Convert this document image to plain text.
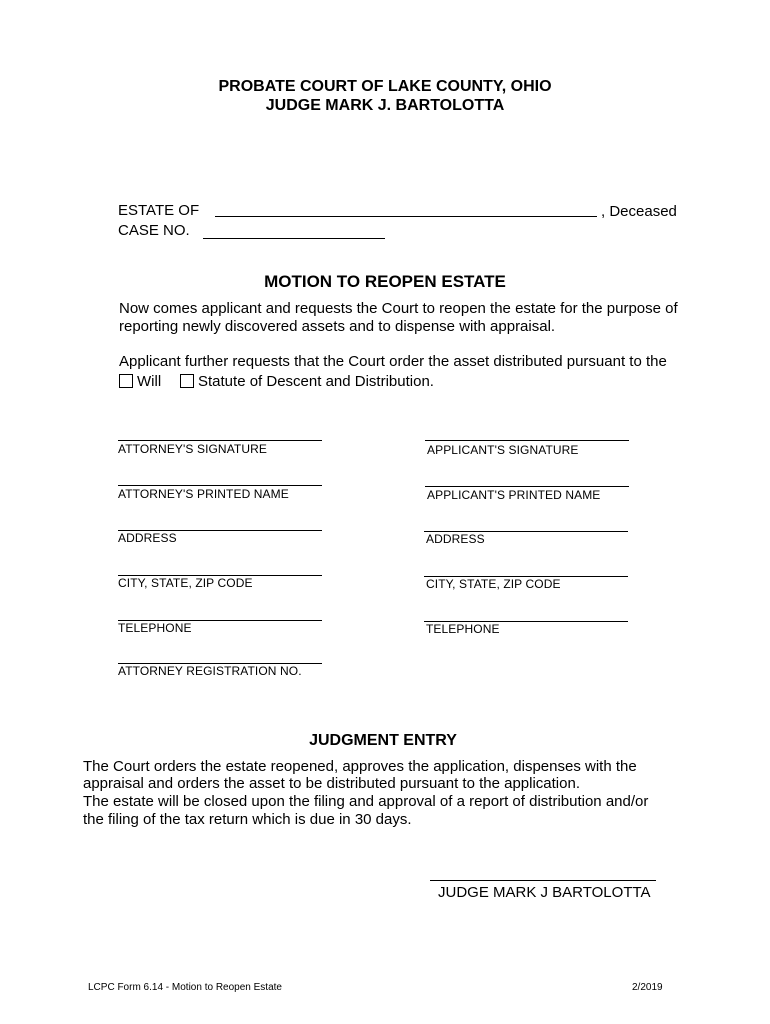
PROBATE COURT OF LAKE COUNTY, OHIO
JUDGE MARK J. BARTOLOTTA
ESTATE OF	, Deceased
CASE NO.
MOTION TO REOPEN ESTATE
Now comes applicant and requests the Court to reopen the estate for the purpose of
reporting newly discovered assets and to dispense with appraisal.
Applicant further requests that the Court order the asset distributed pursuant to the
Will	Statute of Descent and Distribution.
ATTORNEY'S SIGNATURE
ATTORNEY'S PRINTED NAME
ADDRESS
CITY, STATE, ZIP CODE
TELEPHONE
ATTORNEY REGISTRATION NO.
APPLICANT'S SIGNATURE
APPLICANT'S PRINTED NAME
ADDRESS
CITY, STATE, ZIP CODE
TELEPHONE
JUDGMENT ENTRY
The Court orders the estate reopened, approves the application, dispenses with the
appraisal and orders the asset to be distributed pursuant to the application.
The estate will be closed upon the filing and approval of a report of distribution and/or
the filing of the tax return which is due in 30 days.
JUDGE MARK J BARTOLOTTA
LCPC Form 6.14 - Motion to Reopen Estate	2/2019
